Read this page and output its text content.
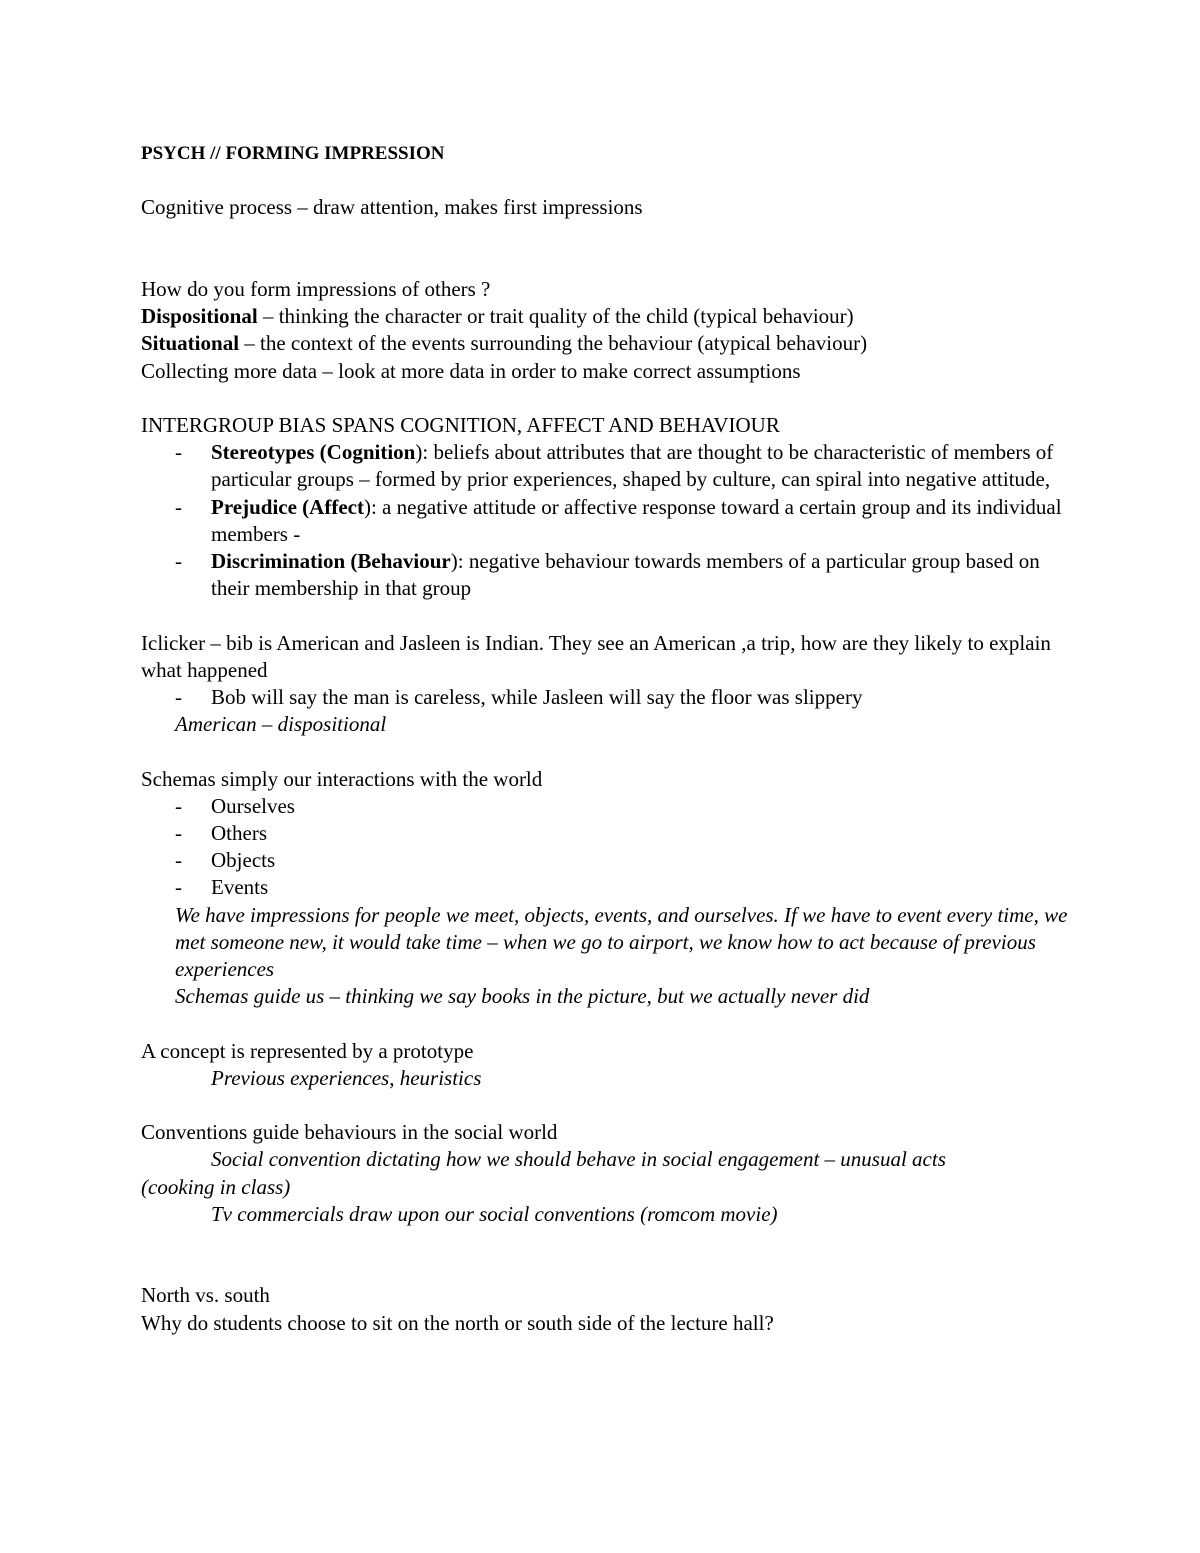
PSYCH // FORMING IMPRESSION
Cognitive process – draw attention, makes first impressions
How do you form impressions of others ?
Dispositional – thinking the character or trait quality of the child (typical behaviour)
Situational – the context of the events surrounding the behaviour (atypical behaviour)
Collecting more data – look at more data in order to make correct assumptions
INTERGROUP BIAS SPANS COGNITION, AFFECT AND BEHAVIOUR
- Stereotypes (Cognition): beliefs about attributes that are thought to be characteristic of members of particular groups – formed by prior experiences, shaped by culture, can spiral into negative attitude,
- Prejudice (Affect): a negative attitude or affective response toward a certain group and its individual members -
- Discrimination (Behaviour): negative behaviour towards members of a particular group based on their membership in that group
Iclicker – bib is American and Jasleen is Indian. They see an American ,a trip, how are they likely to explain what happened
- Bob will say the man is careless, while Jasleen will say the floor was slippery
American – dispositional
Schemas simply our interactions with the world
- Ourselves
- Others
- Objects
- Events
We have impressions for people we meet, objects, events, and ourselves. If we have to event every time, we met someone new, it would take time – when we go to airport, we know how to act because of previous experiences
Schemas guide us – thinking we say books in the picture, but we actually never did
A concept is represented by a prototype
Previous experiences, heuristics
Conventions guide behaviours in the social world
Social convention dictating how we should behave in social engagement – unusual acts
(cooking in class)
Tv commercials draw upon our social conventions (romcom movie)
North vs. south
Why do students choose to sit on the north or south side of the lecture hall?
